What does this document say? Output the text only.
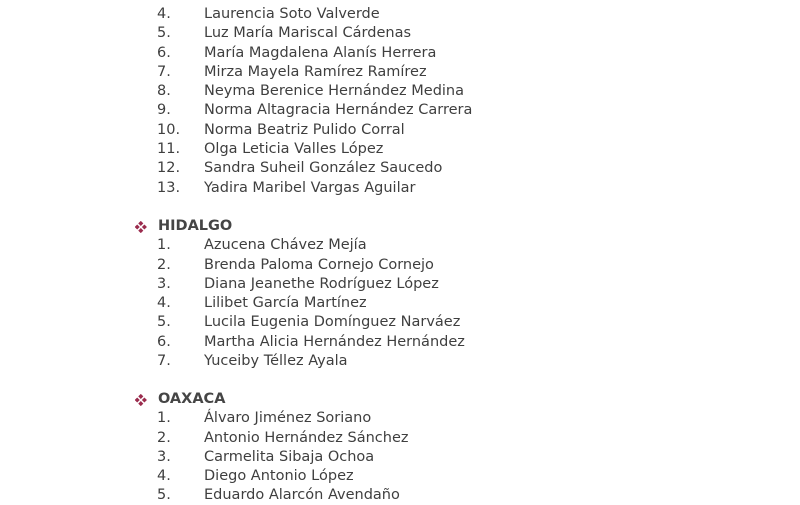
4.	Laurencia Soto Valverde
5.	Luz María Mariscal Cárdenas
6.	María Magdalena Alanís Herrera
7.	Mirza Mayela Ramírez Ramírez
8.	Neyma Berenice Hernández Medina
9.	Norma Altagracia Hernández Carrera
10.	Norma Beatriz Pulido Corral
11.	Olga Leticia Valles López
12.	Sandra Suheil González Saucedo
13.	Yadira Maribel Vargas Aguilar
HIDALGO
1.	Azucena Chávez Mejía
2.	Brenda Paloma Cornejo Cornejo
3.	Diana Jeanethe Rodríguez López
4.	Lilibet García Martínez
5.	Lucila Eugenia Domínguez Narváez
6.	Martha Alicia Hernández Hernández
7.	Yuceiby Téllez Ayala
OAXACA
1.	Álvaro Jiménez Soriano
2.	Antonio Hernández Sánchez
3.	Carmelita Sibaja Ochoa
4.	Diego Antonio López
5.	Eduardo Alarcón Avendaño
